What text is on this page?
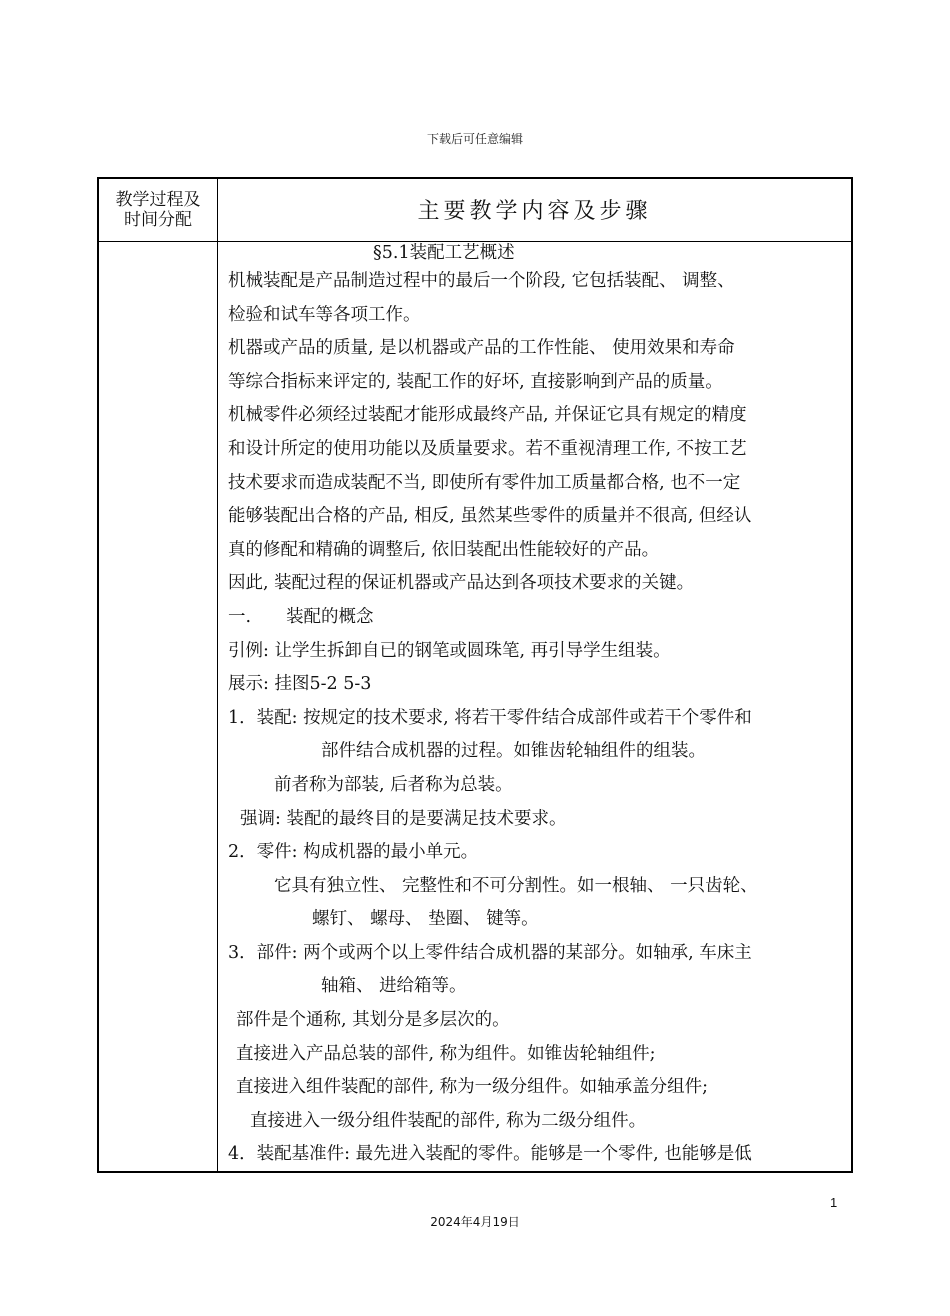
下载后可任意编辑
教学过程及时间分配	主要教学内容及步骤
§5.1装配工艺概述
机械装配是产品制造过程中的最后一个阶段, 它包括装配、 调整、
检验和试车等各项工作。
机器或产品的质量, 是以机器或产品的工作性能、 使用效果和寿命
等综合指标来评定的, 装配工作的好坏, 直接影响到产品的质量。
机械零件必须经过装配才能形成最终产品, 并保证它具有规定的精度
和设计所定的使用功能以及质量要求。若不重视清理工作, 不按工艺
技术要求而造成装配不当, 即使所有零件加工质量都合格, 也不一定
能够装配出合格的产品, 相反, 虽然某些零件的质量并不很高, 但经认
真的修配和精确的调整后, 依旧装配出性能较好的产品。
因此, 装配过程的保证机器或产品达到各项技术要求的关键。
一.　　装配的概念
引例: 让学生拆卸自已的钢笔或圆珠笔, 再引导学生组装。
展示: 挂图5-2 5-3
1．装配: 按规定的技术要求, 将若干零件结合成部件或若干个零件和
部件结合成机器的过程。如锥齿轮轴组件的组装。
前者称为部装, 后者称为总装。
强调: 装配的最终目的是要满足技术要求。
2．零件: 构成机器的最小单元。
它具有独立性、 完整性和不可分割性。如一根轴、 一只齿轮、
螺钉、 螺母、 垫圈、 键等。
3．部件: 两个或两个以上零件结合成机器的某部分。如轴承, 车床主
轴箱、 进给箱等。
部件是个通称, 其划分是多层次的。
直接进入产品总装的部件, 称为组件。如锥齿轮轴组件;
直接进入组件装配的部件, 称为一级分组件。如轴承盖分组件;
直接进入一级分组件装配的部件, 称为二级分组件。
4．装配基准件: 最先进入装配的零件。能够是一个零件, 也能够是低
1
2024年4月19日
